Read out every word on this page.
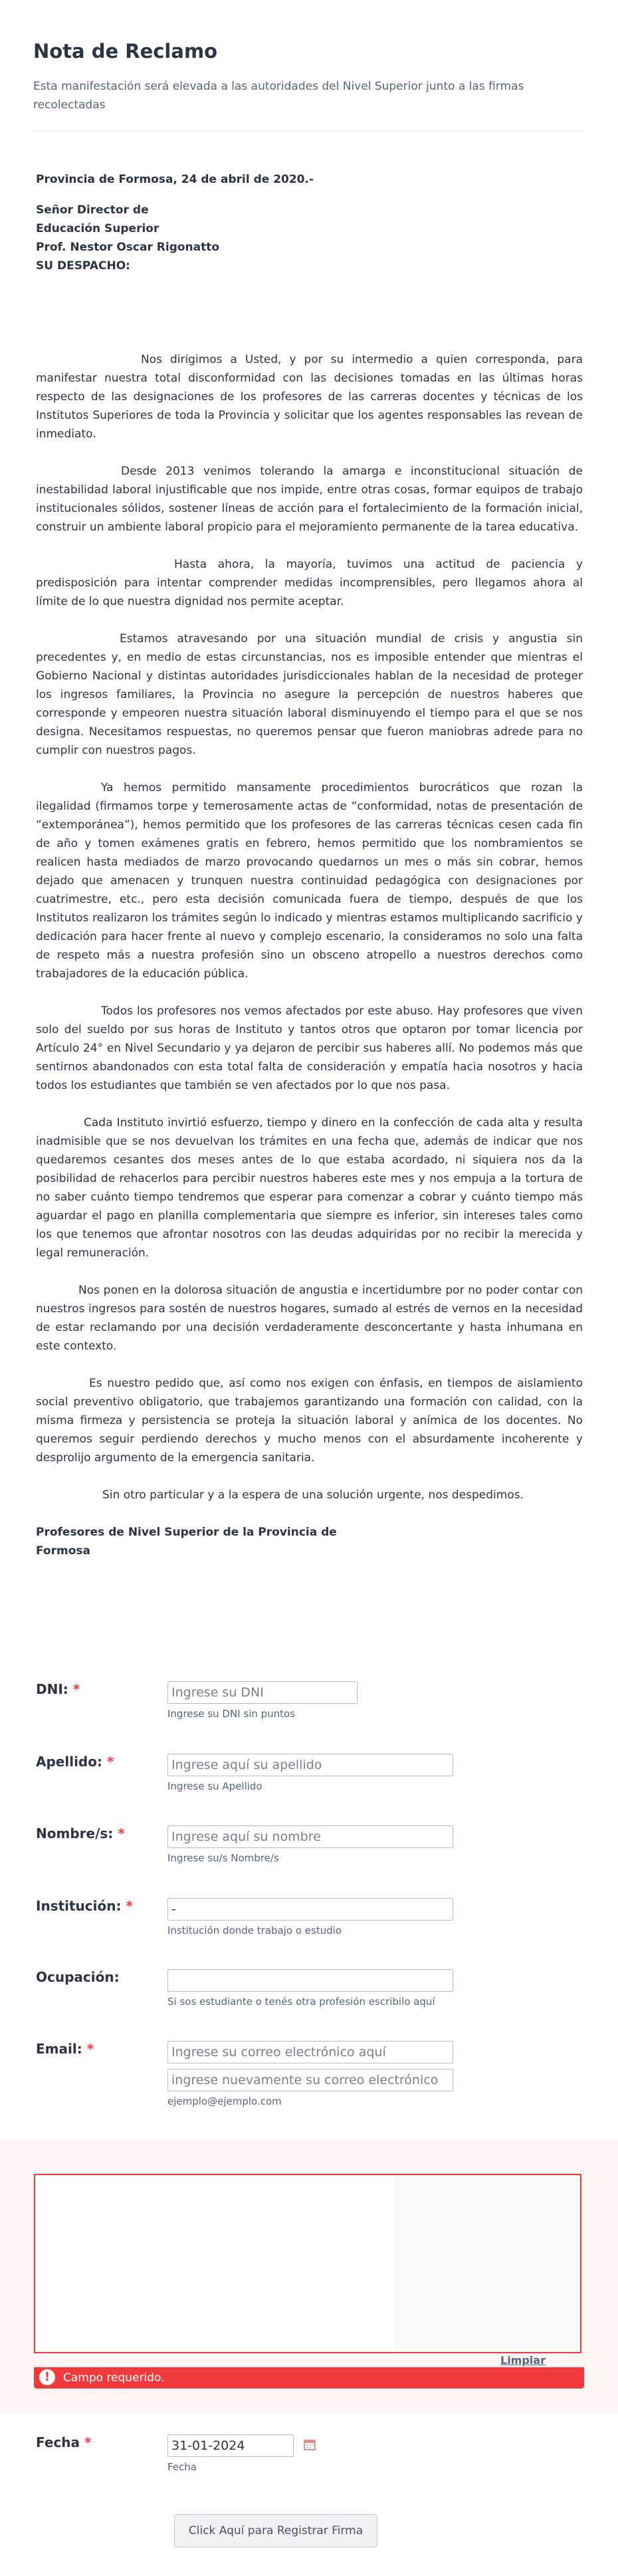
Nota de Reclamo
Esta manifestación será elevada a las autoridades del Nivel Superior junto a las firmas recolectadas
Provincia de Formosa, 24 de abril de 2020.-
Señor Director de
Educación Superior
Prof. Nestor Oscar Rigonatto
SU DESPACHO:

Nos dirigimos a Usted, y por su intermedio a quien corresponda, para manifestar nuestra total disconformidad con las decisiones tomadas en las últimas horas respecto de las designaciones de los profesores de las carreras docentes y técnicas de los Institutos Superiores de toda la Provincia y solicitar que los agentes responsables las revean de inmediato.

Desde 2013 venimos tolerando la amarga e inconstitucional situación de inestabilidad laboral injustificable que nos impide, entre otras cosas, formar equipos de trabajo institucionales sólidos, sostener líneas de acción para el fortalecimiento de la formación inicial, construir un ambiente laboral propicio para el mejoramiento permanente de la tarea educativa.

Hasta ahora, la mayoría, tuvimos una actitud de paciencia y predisposición para intentar comprender medidas incomprensibles, pero llegamos ahora al límite de lo que nuestra dignidad nos permite aceptar.

Estamos atravesando por una situación mundial de crisis y angustia sin precedentes y, en medio de estas circunstancias, nos es imposible entender que mientras el Gobierno Nacional y distintas autoridades jurisdiccionales hablan de la necesidad de proteger los ingresos familiares, la Provincia no asegure la percepción de nuestros haberes que corresponde y empeoren nuestra situación laboral disminuyendo el tiempo para el que se nos designa. Necesitamos respuestas, no queremos pensar que fueron maniobras adrede para no cumplir con nuestros pagos.

Ya hemos permitido mansamente procedimientos burocráticos que rozan la ilegalidad (firmamos torpe y temerosamente actas de “conformidad, notas de presentación de “extemporánea”), hemos permitido que los profesores de las carreras técnicas cesen cada fin de año y tomen exámenes gratis en febrero, hemos permitido que los nombramientos se realicen hasta mediados de marzo provocando quedarnos un mes o más sin cobrar, hemos dejado que amenacen y trunquen nuestra continuidad pedagógica con designaciones por cuatrimestre, etc., pero esta decisión comunicada fuera de tiempo, después de que los Institutos realizaron los trámites según lo indicado y mientras estamos multiplicando sacrificio y dedicación para hacer frente al nuevo y complejo escenario, la consideramos no solo una falta de respeto más a nuestra profesión sino un obsceno atropello a nuestros derechos como trabajadores de la educación pública.

Todos los profesores nos vemos afectados por este abuso. Hay profesores que viven solo del sueldo por sus horas de Instituto y tantos otros que optaron por tomar licencia por Artículo 24° en Nivel Secundario y ya dejaron de percibir sus haberes allí. No podemos más que sentirnos abandonados con esta total falta de consideración y empatía hacia nosotros y hacia todos los estudiantes que también se ven afectados por lo que nos pasa.

Cada Instituto invirtió esfuerzo, tiempo y dinero en la confección de cada alta y resulta inadmisible que se nos devuelvan los trámites en una fecha que, además de indicar que nos quedaremos cesantes dos meses antes de lo que estaba acordado, ni siquiera nos da la posibilidad de rehacerlos para percibir nuestros haberes este mes y nos empuja a la tortura de no saber cuánto tiempo tendremos que esperar para comenzar a cobrar y cuánto tiempo más aguardar el pago en planilla complementaria que siempre es inferior, sin intereses tales como los que tenemos que afrontar nosotros con las deudas adquiridas por no recibir la merecida y legal remuneración.

Nos ponen en la dolorosa situación de angustia e incertidumbre por no poder contar con nuestros ingresos para sostén de nuestros hogares, sumado al estrés de vernos en la necesidad de estar reclamando por una decisión verdaderamente desconcertante y hasta inhumana en este contexto.

Es nuestro pedido que, así como nos exigen con énfasis, en tiempos de aislamiento social preventivo obligatorio, que trabajemos garantizando una formación con calidad, con la misma firmeza y persistencia se proteja la situación laboral y anímica de los docentes. No queremos seguir perdiendo derechos y mucho menos con el absurdamente incoherente y desprolijo argumento de la emergencia sanitaria.

Sin otro particular y a la espera de una solución urgente, nos despedimos.

Profesores de Nivel Superior de la Provincia de Formosa
DNI: *
Ingrese su DNI
Ingrese su DNI sin puntos
Apellido: *
Ingrese aquí su apellido
Ingrese su Apellido
Nombre/s: *
Ingrese aquí su nombre
Ingrese su/s Nombre/s
Institución: *
-
Institución donde trabajo o estudio
Ocupación:
Si sos estudiante o tenés otra profesión escribilo aquí
Email: *
Ingrese su correo electrónico aquí
ingrese nuevamente su correo electrónico
ejemplo@ejemplo.com
Limpiar
!	Campo requerido.
Fecha *
31-01-2024
Fecha
Click Aquí para Registrar Firma
